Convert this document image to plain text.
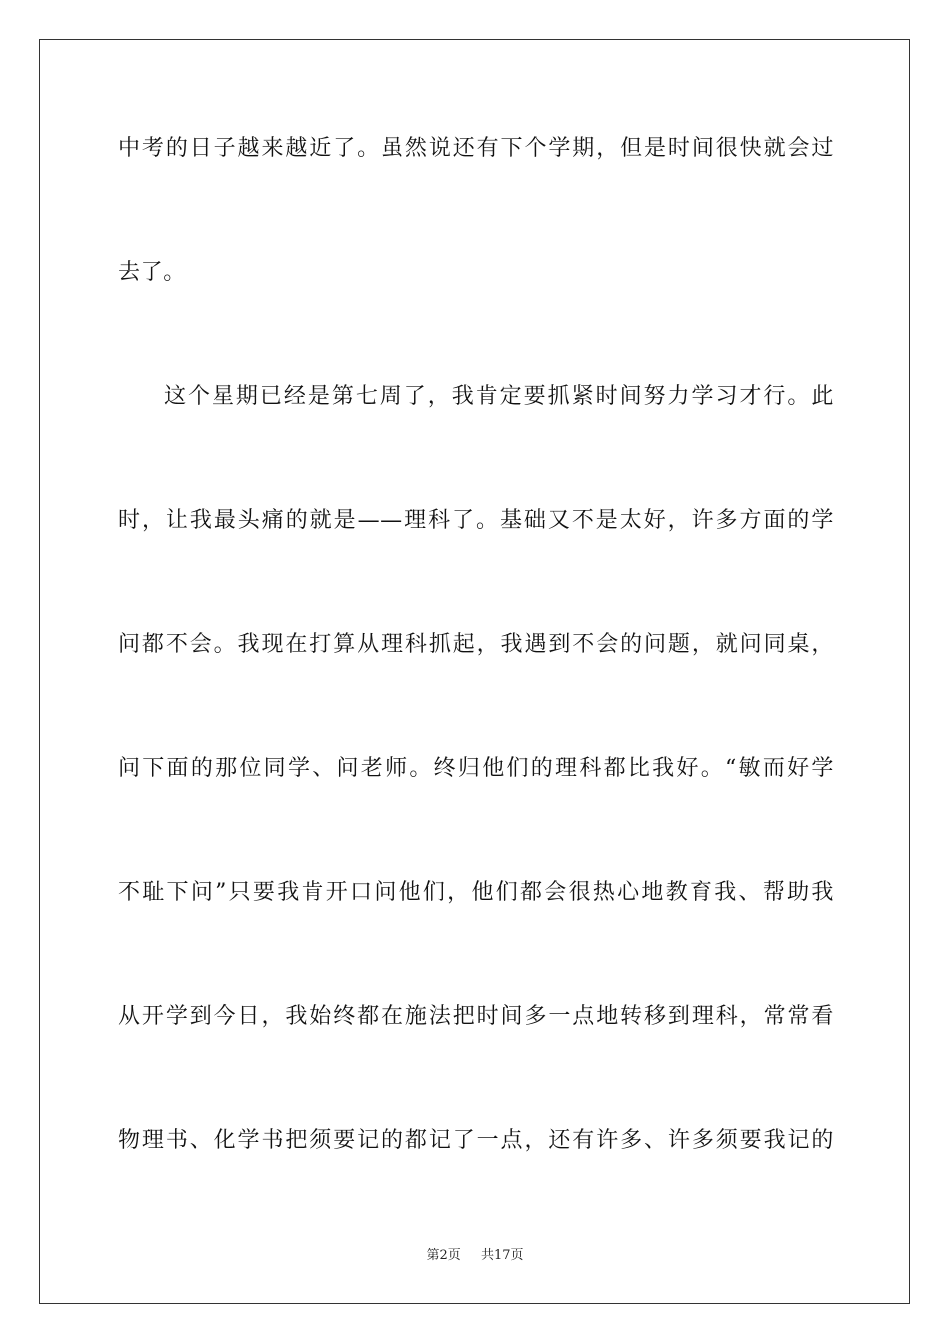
中考的日子越来越近了。虽然说还有下个学期，但是时间很快就会过
去了。
这个星期已经是第七周了，我肯定要抓紧时间努力学习才行。此
时，让我最头痛的就是——理科了。基础又不是太好，许多方面的学
问都不会。我现在打算从理科抓起，我遇到不会的问题，就问同桌，
问下面的那位同学、问老师。终归他们的理科都比我好。“敏而好学
不耻下问”只要我肯开口问他们，他们都会很热心地教育我、帮助我
从开学到今日，我始终都在施法把时间多一点地转移到理科，常常看
物理书、化学书把须要记的都记了一点，还有许多、许多须要我记的
第2页 共17页
